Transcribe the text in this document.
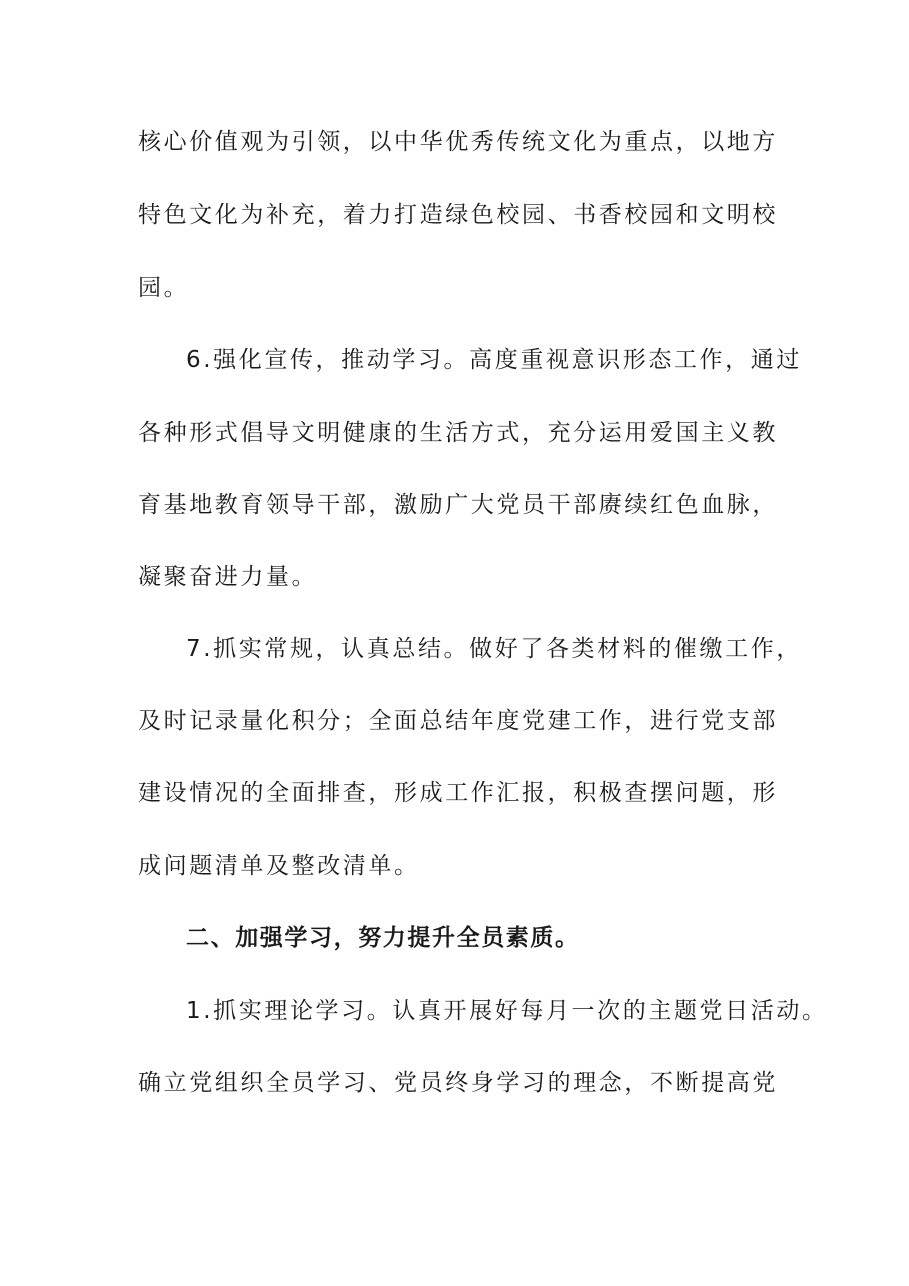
核心价值观为引领，以中华优秀传统文化为重点，以地方
特色文化为补充，着力打造绿色校园、书香校园和文明校
园。
6.强化宣传，推动学习。高度重视意识形态工作，通过
各种形式倡导文明健康的生活方式，充分运用爱国主义教
育基地教育领导干部，激励广大党员干部赓续红色血脉，
凝聚奋进力量。
7.抓实常规，认真总结。做好了各类材料的催缴工作，
及时记录量化积分；全面总结年度党建工作，进行党支部
建设情况的全面排查，形成工作汇报，积极查摆问题，形
成问题清单及整改清单。
二、加强学习，努力提升全员素质。
1.抓实理论学习。认真开展好每月一次的主题党日活动。
确立党组织全员学习、党员终身学习的理念，不断提高党
